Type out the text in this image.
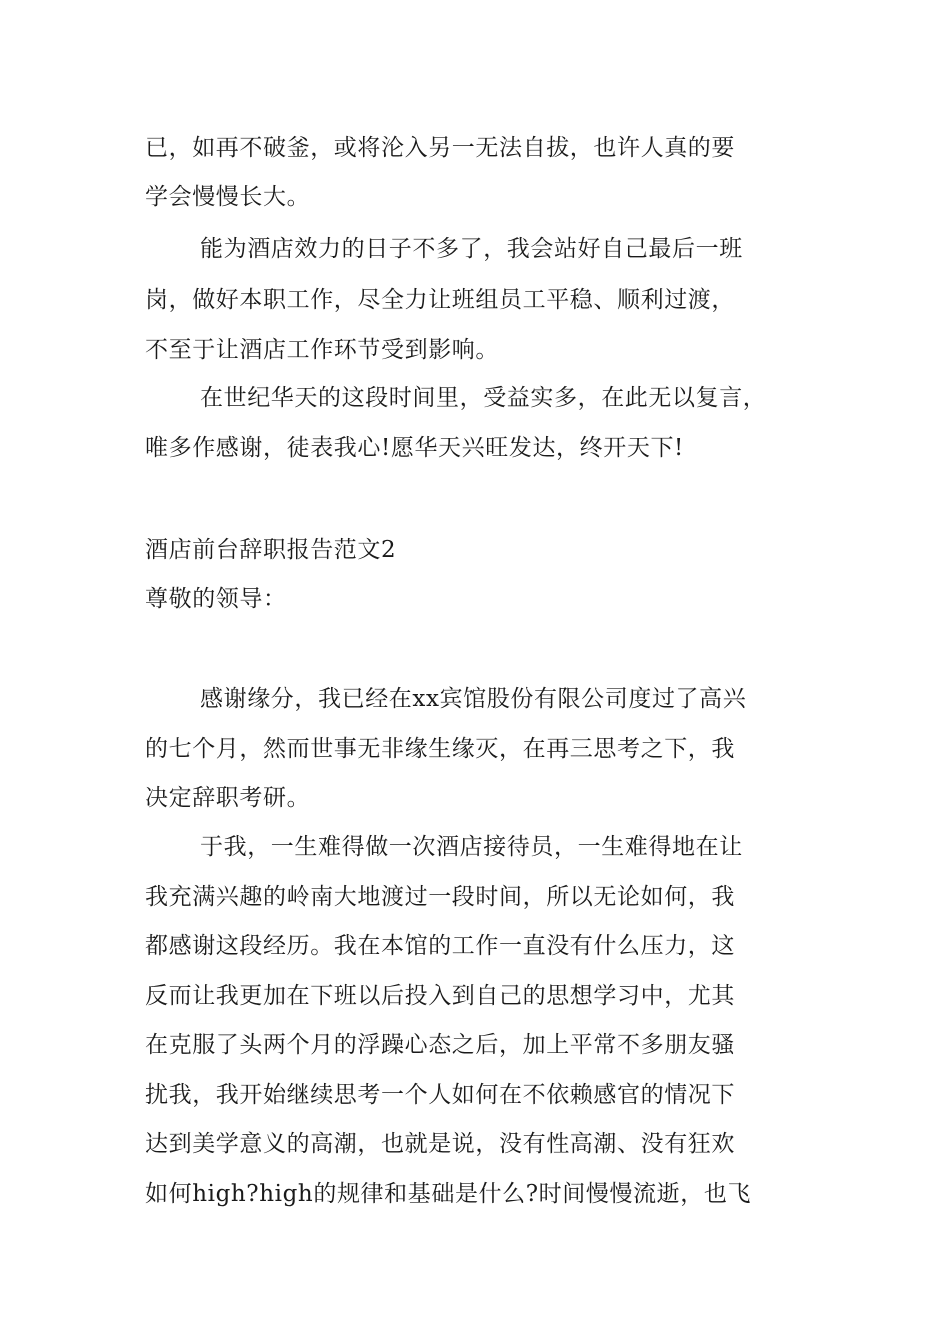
已，如再不破釜，或将沦入另一无法自拔，也许人真的要
学会慢慢长大。
能为酒店效力的日子不多了，我会站好自己最后一班
岗，做好本职工作，尽全力让班组员工平稳、顺利过渡，
不至于让酒店工作环节受到影响。
在世纪华天的这段时间里，受益实多，在此无以复言，
唯多作感谢，徒表我心!愿华天兴旺发达，终开天下!
酒店前台辞职报告范文2
尊敬的领导：
感谢缘分，我已经在xx宾馆股份有限公司度过了高兴
的七个月，然而世事无非缘生缘灭，在再三思考之下，我
决定辞职考研。
于我，一生难得做一次酒店接待员，一生难得地在让
我充满兴趣的岭南大地渡过一段时间，所以无论如何，我
都感谢这段经历。我在本馆的工作一直没有什么压力，这
反而让我更加在下班以后投入到自己的思想学习中，尤其
在克服了头两个月的浮躁心态之后，加上平常不多朋友骚
扰我，我开始继续思考一个人如何在不依赖感官的情况下
达到美学意义的高潮，也就是说，没有性高潮、没有狂欢
如何high?high的规律和基础是什么?时间慢慢流逝，也飞
